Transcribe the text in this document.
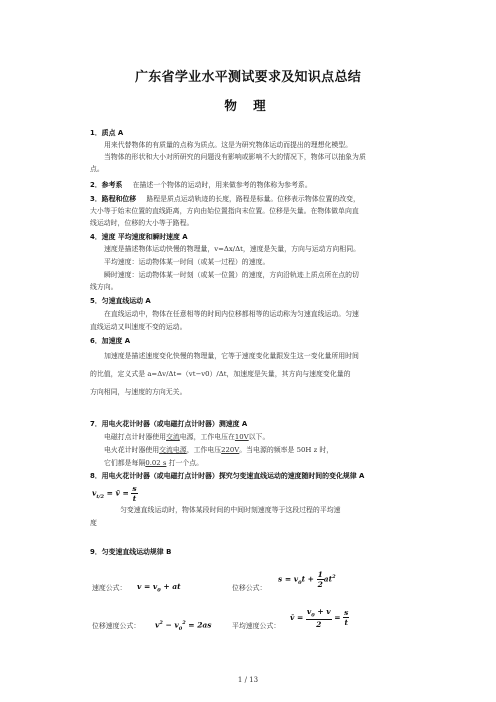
广东省学业水平测试要求及知识点总结
物 理
1．质点 A
用来代替物体的有质量的点称为质点。这是为研究物体运动而提出的理想化模型。
当物体的形状和大小对所研究的问题没有影响或影响不大的情况下，物体可以抽象为质
点。
2．参考系 在描述一个物体的运动时，用来做参考的物体称为参考系。
3．路程和位移 路程是质点运动轨迹的长度，路程是标量。位移表示物体位置的改变，
大小等于始末位置的直线距离，方向由始位置指向末位置。位移是矢量。在物体做单向直
线运动时，位移的大小等于路程。
4．速度 平均速度和瞬时速度 A
速度是描述物体运动快慢的物理量，v=Δx/Δt，速度是矢量，方向与运动方向相同。
平均速度：运动物体某一时间（或某一过程）的速度。
瞬时速度：运动物体某一时刻（或某一位置）的速度，方向沿轨迹上质点所在点的切
线方向。
5．匀速直线运动 A
在直线运动中，物体在任意相等的时间内位移都相等的运动称为匀速直线运动。匀速
直线运动又叫速度不变的运动。
6．加速度 A
加速度是描述速度变化快慢的物理量，它等于速度变化量跟发生这一变化量所用时间
的比值，定义式是 a=Δv/Δt=（vt−v0）/Δt，加速度是矢量，其方向与速度变化量的
方向相同，与速度的方向无关。
7．用电火花计时器（或电磁打点计时器）测速度 A
电磁打点计时器使用交流电源，工作电压在10V以下。
电火花计时器使用交流电源，工作电压220V。当电源的频率是 50H z 时，
它们都是每隔0.02 s 打一个点。
8．用电火花计时器（或电磁打点计时器）探究匀变速直线运动的速度随时间的变化规律 A
$v_{t/2}$ = v̄ = $\frac{s}{t}$
匀变速直线运动时，物体某段时间的中间时刻速度等于这段过程的平均速
度
9．匀变速直线运动规律 B
速度公式： $v = v_0$ + at	位移公式：
$s = v_0t + \frac{1}{2} at^2$
位移速度公式： $v^2 - v_0^2 = 2as$	平均速度公式：
v̄ = $\frac{v_0 + v}{2} = \frac{s}{t}$
1 / 13
